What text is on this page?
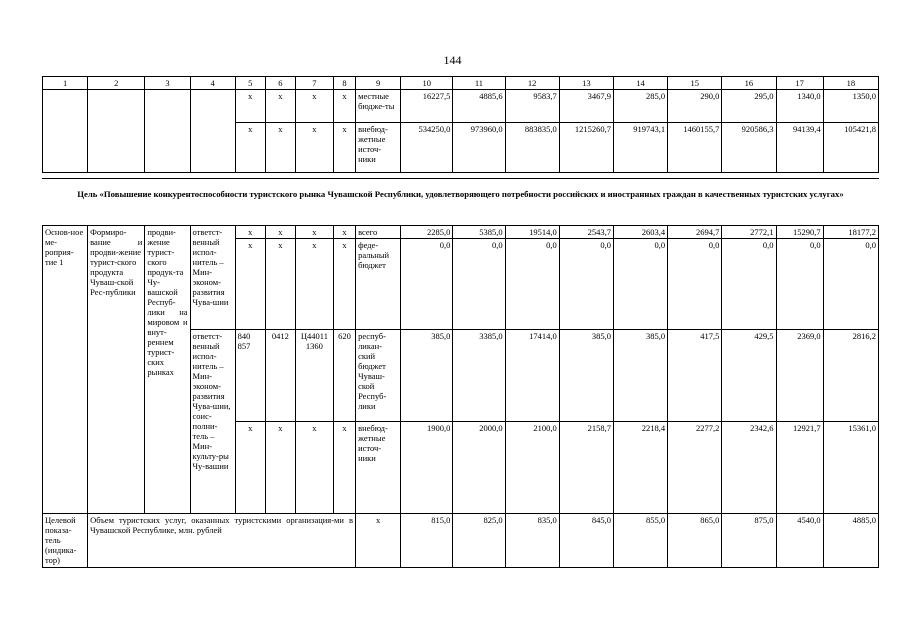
144
1	2	3	4	5	6	7	8	9	10	11	12	13	14	15	16	17	18
				x	x	x	x	местные бюдже-ты	16227,5	4885,6	9583,7	3467,9	285,0	290,0	295,0	1340,0	1350,0
				x	x	x	x	внебюд-жетные источ-ники	534250,0	973960,0	883835,0	1215260,7	919743,1	1460155,7	920586,3	94139,4	105421,8
Цель «Повышение конкурентоспособности туристского рынка Чувашской Республики, удовлетворяющего потребности российских и иностранных граждан в качественных туристских услугах»
Основ-ное ме-роприя-тие 1	Формиро-вание и продви-жение турист-ского продукта Чуваш-ской Рес-публики	продви-жение турист-ского продук-та Чу-вашской Респуб-лики на мировом и внут-реннем турист-ских рынках	ответст-венный испол-нитель – Мин-эконом-развития Чува-шии	x	x	x	x	всего	2285,0	5385,0	19514,0	2543,7	2603,4	2694,7	2772,1	15290,7	18177,2
				x	x	x	x	феде-ральный бюджет	0,0	0,0	0,0	0,0	0,0	0,0	0,0	0,0	0,0
			ответст-венный испол-нитель – Мин-эконом-развития Чува-шии, соис-полни-тель – Мин-культу-ры Чу-вашии	840 857	0412	Ц44011 1360	620	респуб-ликан-ский бюджет Чуваш-ской Респуб-лики	385,0	3385,0	17414,0	385,0	385,0	417,5	429,5	2369,0	2816,2
				x	x	x	x	внебюд-жетные источ-ники	1900,0	2000,0	2100,0	2158,7	2218,4	2277,2	2342,6	12921,7	15361,0
Целевой показа-тель (индика-тор)	Объем туристских услуг, оказанных туристскими организация-ми в Чувашской Республике, млн. рублей							x	815,0	825,0	835,0	845,0	855,0	865,0	875,0	4540,0	4885,0
